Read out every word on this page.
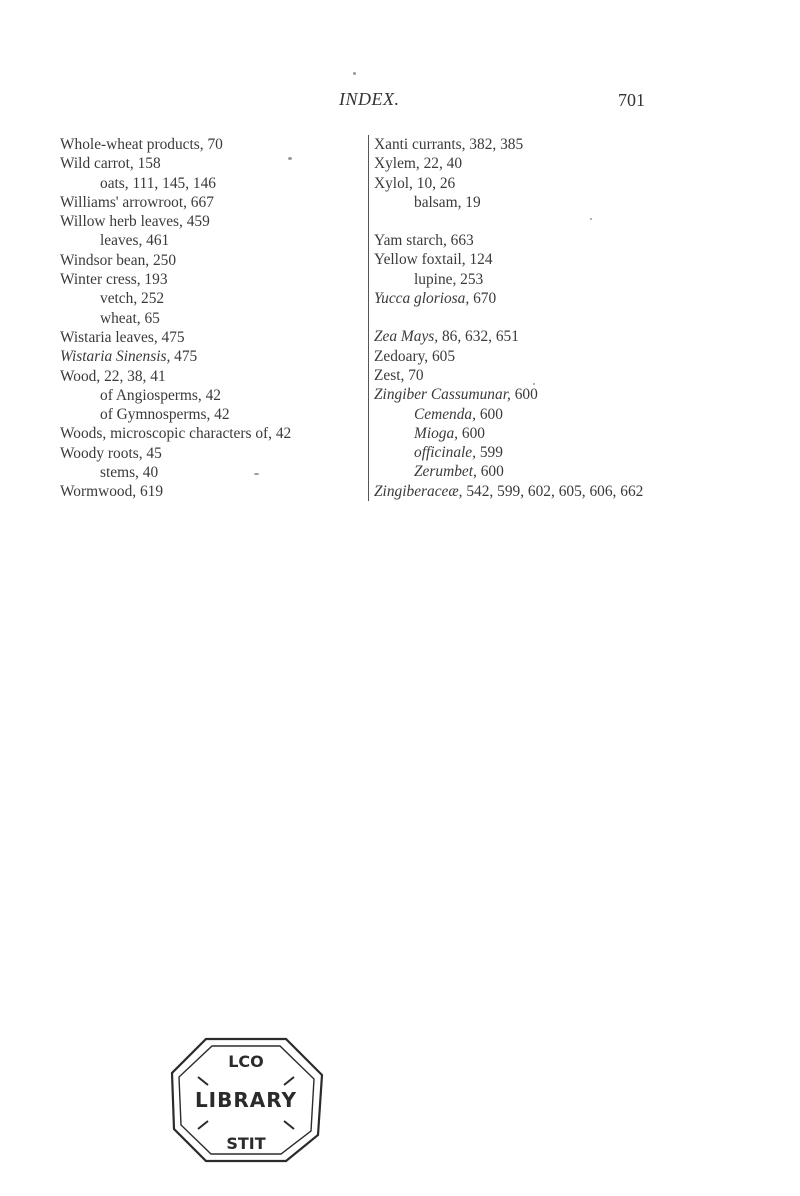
INDEX.	701
Whole-wheat products, 70
Wild carrot, 158
oats, 111, 145, 146
Williams' arrowroot, 667
Willow herb leaves, 459
leaves, 461
Windsor bean, 250
Winter cress, 193
vetch, 252
wheat, 65
Wistaria leaves, 475
Wistaria Sinensis, 475
Wood, 22, 38, 41
of Angiosperms, 42
of Gymnosperms, 42
Woods, microscopic characters of, 42
Woody roots, 45
stems, 40
Wormwood, 619
Xanti currants, 382, 385
Xylem, 22, 40
Xylol, 10, 26
balsam, 19
Yam starch, 663
Yellow foxtail, 124
lupine, 253
Yucca gloriosa, 670
Zea Mays, 86, 632, 651
Zedoary, 605
Zest, 70
Zingiber Cassumunar, 600
Cemenda, 600
Mioga, 600
officinale, 599
Zerumbet, 600
Zingiberaceæ, 542, 599, 602, 605, 606, 662
LCO
STIT
LIBRARY
